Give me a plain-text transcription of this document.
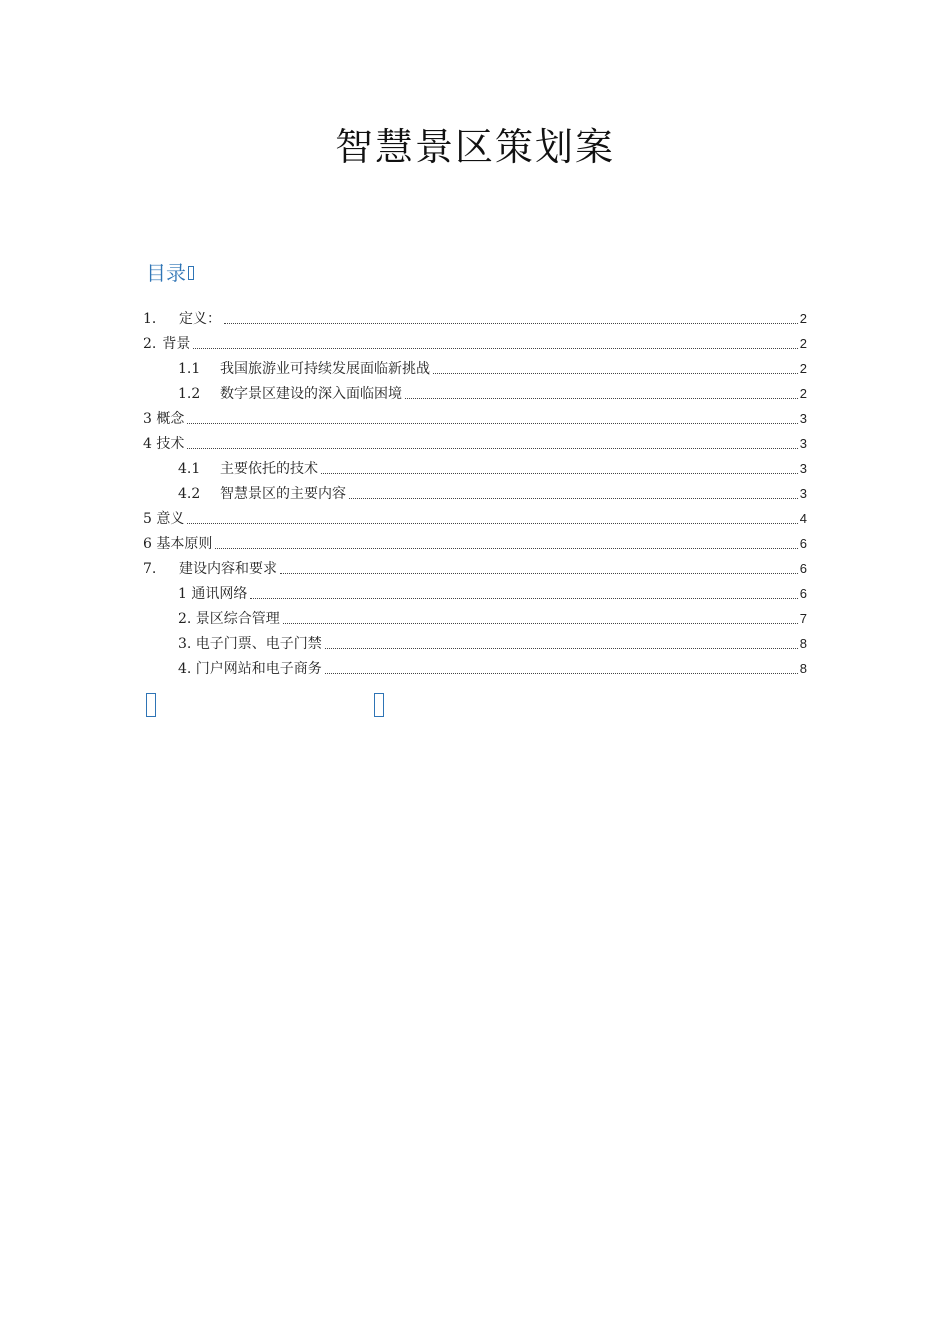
智慧景区策划案
目录
1． 定义：	2
2. 背景	2
1.1	我国旅游业可持续发展面临新挑战	2
1.2	数字景区建设的深入面临困境	2
3 概念	3
4 技术	3
4.1	主要依托的技术	3
4.2	智慧景区的主要内容	3
5 意义	4
6 基本原则	6
7.	建设内容和要求	6
1 通讯网络	6
2. 景区综合管理	7
3. 电子门票、电子门禁	8
4. 门户网站和电子商务	8
